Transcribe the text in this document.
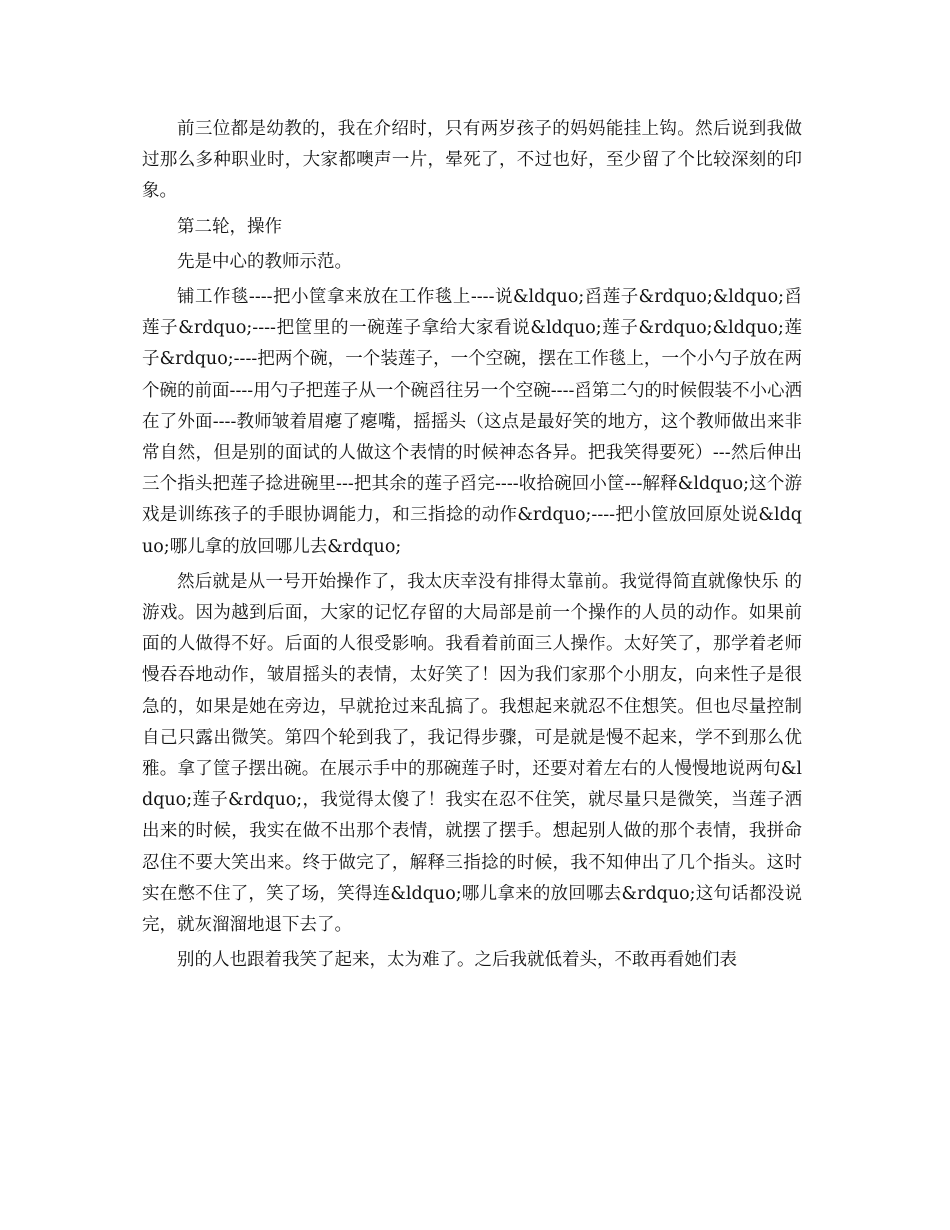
前三位都是幼教的，我在介绍时，只有两岁孩子的妈妈能挂上钩。然后说到我做过那么多种职业时，大家都噢声一片，晕死了，不过也好，至少留了个比较深刻的印象。

第二轮，操作

先是中心的教师示范。

铺工作毯----把小筐拿来放在工作毯上----说&ldquo;舀莲子&rdquo;&ldquo;舀莲子&rdquo;----把筐里的一碗莲子拿给大家看说&ldquo;莲子&rdquo;&ldquo;莲子&rdquo;----把两个碗，一个装莲子，一个空碗，摆在工作毯上，一个小勺子放在两个碗的前面----用勺子把莲子从一个碗舀往另一个空碗----舀第二勺的时候假装不小心洒在了外面----教师皱着眉瘪了瘪嘴，摇摇头（这点是最好笑的地方，这个教师做出来非常自然，但是别的面试的人做这个表情的时候神态各异。把我笑得要死）---然后伸出三个指头把莲子捻进碗里---把其余的莲子舀完----收拾碗回小筐---解释&ldquo;这个游戏是训练孩子的手眼协调能力，和三指捻的动作&rdquo;----把小筐放回原处说&ldquo;哪儿拿的放回哪儿去&rdquo;

然后就是从一号开始操作了，我太庆幸没有排得太靠前。我觉得简直就像快乐 的游戏。因为越到后面，大家的记忆存留的大局部是前一个操作的人员的动作。如果前面的人做得不好。后面的人很受影响。我看着前面三人操作。太好笑了，那学着老师慢吞吞地动作，皱眉摇头的表情，太好笑了！因为我们家那个小朋友，向来性子是很急的，如果是她在旁边，早就抢过来乱搞了。我想起来就忍不住想笑。但也尽量控制自己只露出微笑。第四个轮到我了，我记得步骤，可是就是慢不起来，学不到那么优雅。拿了筐子摆出碗。在展示手中的那碗莲子时，还要对着左右的人慢慢地说两句&ldquo;莲子&rdquo;，我觉得太傻了！我实在忍不住笑，就尽量只是微笑，当莲子洒出来的时候，我实在做不出那个表情，就摆了摆手。想起别人做的那个表情，我拼命忍住不要大笑出来。终于做完了，解释三指捻的时候，我不知伸出了几个指头。这时实在憋不住了，笑了场，笑得连&ldquo;哪儿拿来的放回哪去&rdquo;这句话都没说完，就灰溜溜地退下去了。

别的人也跟着我笑了起来，太为难了。之后我就低着头，不敢再看她们表
